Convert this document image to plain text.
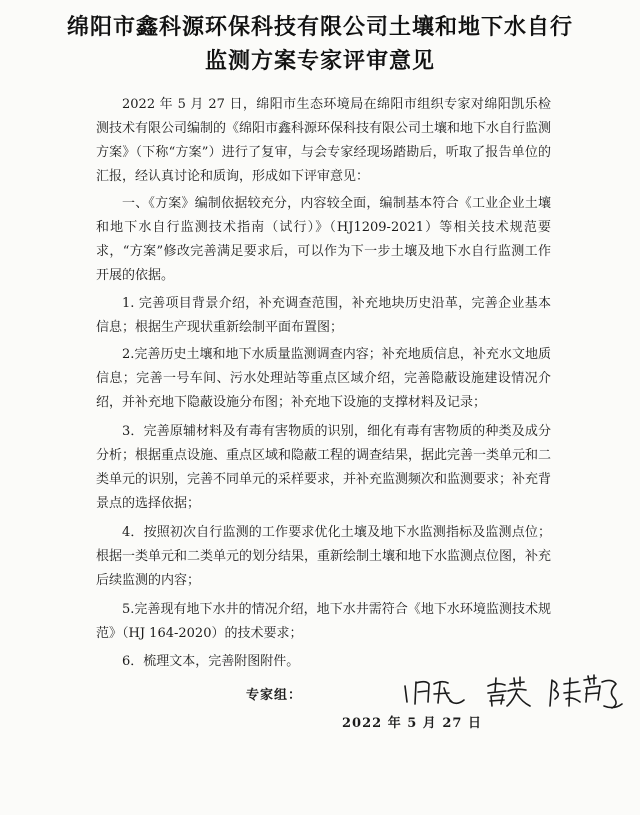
绵阳市鑫科源环保科技有限公司土壤和地下水自行
监测方案专家评审意见

2022 年 5 月 27 日，绵阳市生态环境局在绵阳市组织专家对绵阳凯乐检测技术有限公司编制的《绵阳市鑫科源环保科技有限公司土壤和地下水自行监测方案》（下称“方案”）进行了复审，与会专家经现场踏勘后，听取了报告单位的汇报，经认真讨论和质询，形成如下评审意见：

一、《方案》编制依据较充分，内容较全面，编制基本符合《工业企业土壤和地下水自行监测技术指南（试行）》（HJ1209-2021）等相关技术规范要求，“方案”修改完善满足要求后，可以作为下一步土壤及地下水自行监测工作开展的依据。

1. 完善项目背景介绍，补充调查范围，补充地块历史沿革，完善企业基本信息；根据生产现状重新绘制平面布置图；

2.完善历史土壤和地下水质量监测调查内容；补充地质信息，补充水文地质信息；完善一号车间、污水处理站等重点区域介绍，完善隐蔽设施建设情况介绍，并补充地下隐蔽设施分布图；补充地下设施的支撑材料及记录；

3．完善原辅材料及有毒有害物质的识别，细化有毒有害物质的种类及成分分析；根据重点设施、重点区域和隐蔽工程的调查结果，据此完善一类单元和二类单元的识别，完善不同单元的采样要求，并补充监测频次和监测要求；补充背景点的选择依据；

4．按照初次自行监测的工作要求优化土壤及地下水监测指标及监测点位；根据一类单元和二类单元的划分结果，重新绘制土壤和地下水监测点位图，补充后续监测的内容；

5.完善现有地下水井的情况介绍，地下水井需符合《地下水环境监测技术规范》（HJ 164-2020）的技术要求；

6．梳理文本，完善附图附件。

专家组：
2022 年 5 月 27 日
